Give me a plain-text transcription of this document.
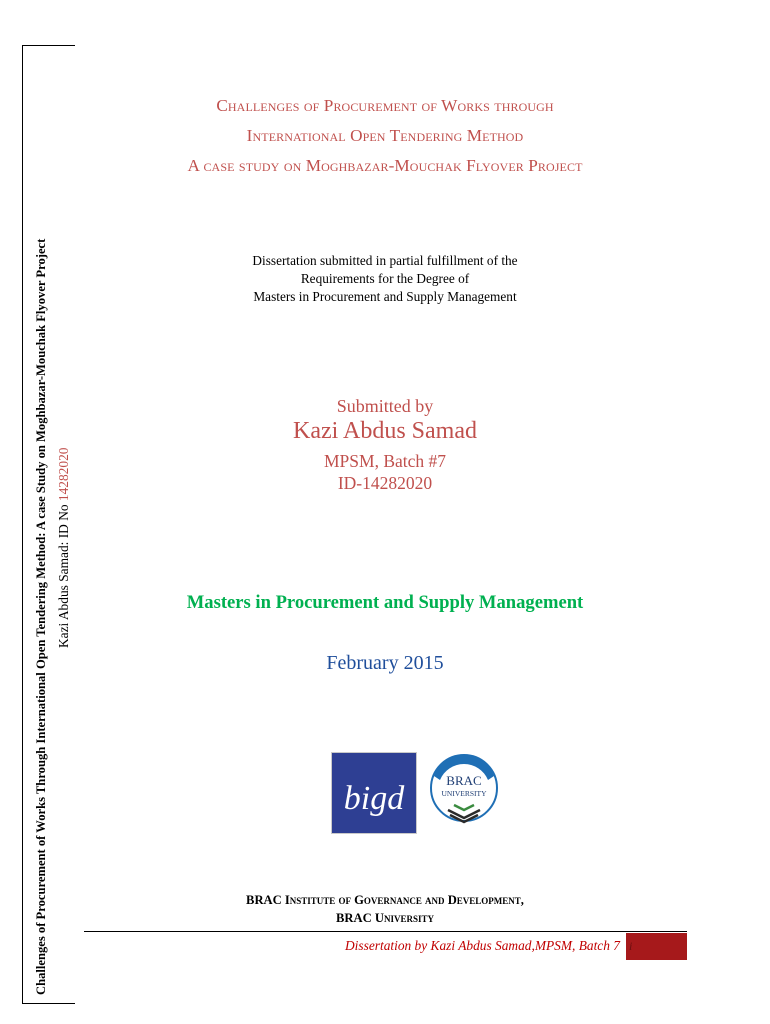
Challenges of Procurement of Works Through International Open Tendering Method: A case Study on Moghbazar-Mouchak Flyover Project Kazi Abdus Samad: ID No 14282020
Challenges of Procurement of Works through
International Open Tendering Method
A case study on Moghbazar-Mouchak Flyover Project
Dissertation submitted in partial fulfillment of the
Requirements for the Degree of
Masters in Procurement and Supply Management
Submitted by
Kazi Abdus Samad
MPSM, Batch #7
ID-14282020
Masters in Procurement and Supply Management
February 2015
bigd	BRAC
UNIVERSITY
BRAC Institute of Governance and Development,
BRAC University
Dissertation by Kazi Abdus Samad,MPSM, Batch 7 i
